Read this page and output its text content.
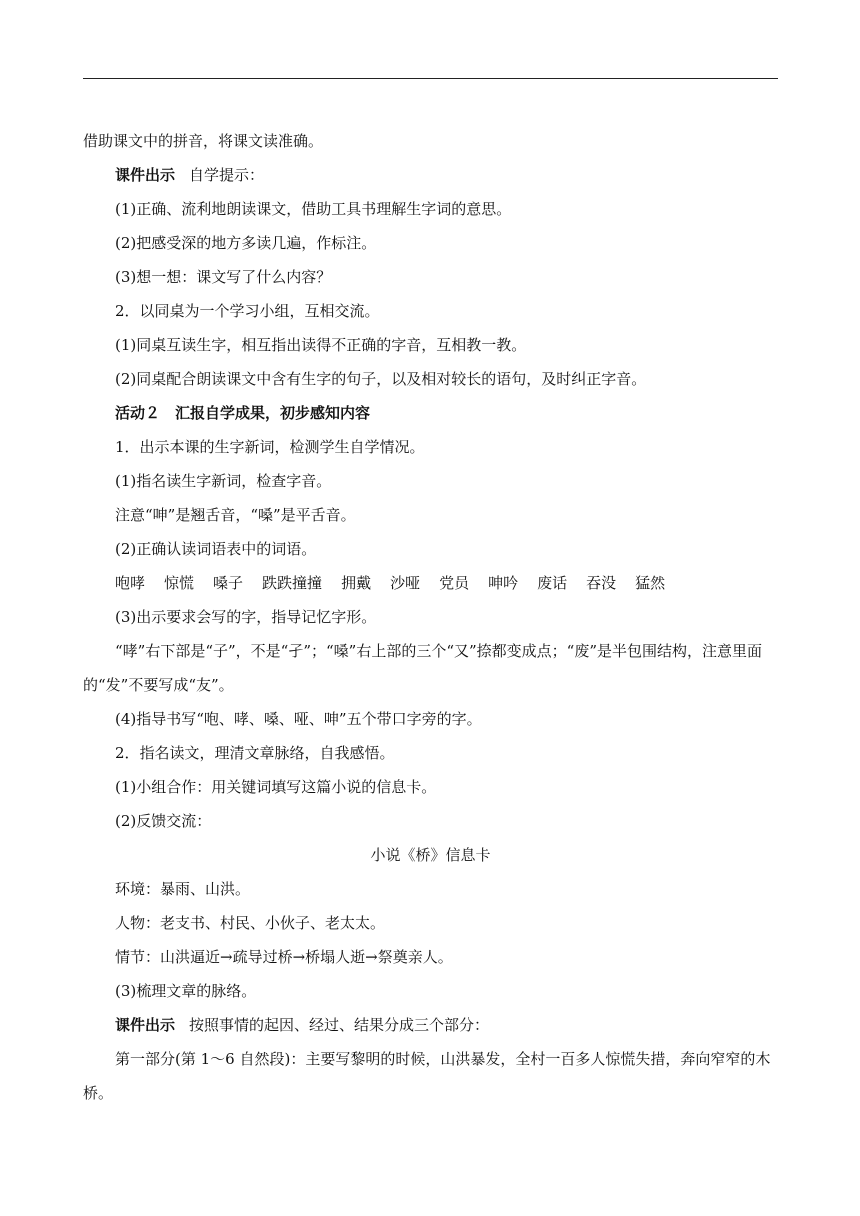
借助课文中的拼音，将课文读准确。
课件出示 自学提示：
(1)正确、流利地朗读课文，借助工具书理解生字词的意思。
(2)把感受深的地方多读几遍，作标注。
(3)想一想：课文写了什么内容？
2．以同桌为一个学习小组，互相交流。
(1)同桌互读生字，相互指出读得不正确的字音，互相教一教。
(2)同桌配合朗读课文中含有生字的句子，以及相对较长的语句，及时纠正字音。
活动２　汇报自学成果，初步感知内容
1．出示本课的生字新词，检测学生自学情况。
(1)指名读生字新词，检查字音。
注意“呻”是翘舌音，“嗓”是平舌音。
(2)正确认读词语表中的词语。
咆哮 惊慌 嗓子 跌跌撞撞 拥戴 沙哑 党员 呻吟 废话 吞没 猛然
(3)出示要求会写的字，指导记忆字形。
“哮”右下部是“子”，不是“孑”；“嗓”右上部的三个“又”捺都变成点；“废”是半包围结构，注意里面的“发”不要写成“友”。
(4)指导书写“咆、哮、嗓、哑、呻”五个带口字旁的字。
2．指名读文，理清文章脉络，自我感悟。
(1)小组合作：用关键词填写这篇小说的信息卡。
(2)反馈交流：
小说《桥》信息卡
环境：暴雨、山洪。
人物：老支书、村民、小伙子、老太太。
情节：山洪逼近→疏导过桥→桥塌人逝→祭奠亲人。
(3)梳理文章的脉络。
课件出示 按照事情的起因、经过、结果分成三个部分：
第一部分(第 1～6 自然段)：主要写黎明的时候，山洪暴发，全村一百多人惊慌失措，奔向窄窄的木桥。
